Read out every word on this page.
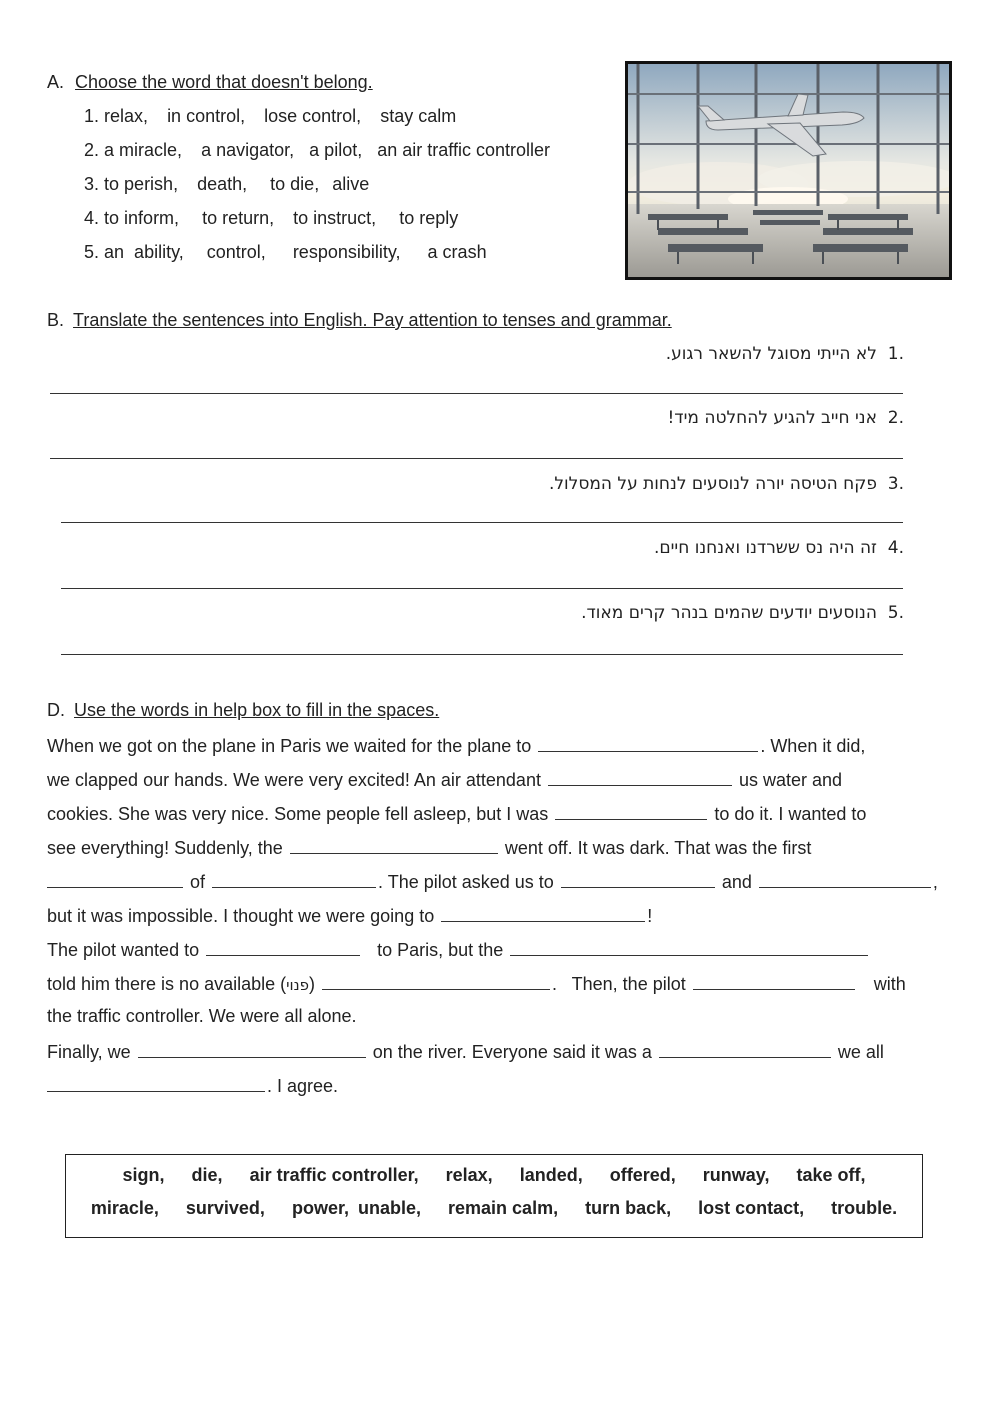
A. Choose the word that doesn't belong.
1. relax, in control, lose control, stay calm
2. a miracle, a navigator, a pilot, an air traffic controller
3. to perish, death, to die, alive
4. to inform, to return, to instruct, to reply
5. an  ability, control, responsibility, a crash
B. Translate the sentences into English. Pay attention to tenses and grammar.
.1  לא הייתי מסוגל להשאר רגוע.
.2  אני חייב להגיע להחלטה מיד!
.3  פקח הטיסה יורה לנוסעים לנחות על המסלול.
.4  זה היה נס ששרדנו ואנחנו חיים.
.5  הנוסעים יודעים שהמים בנהר קרים מאוד.
D. Use the words in help box to fill in the spaces.
When we got on the plane in Paris we waited for the plane to	. When it did,
we clapped our hands. We were very excited! An air attendant	us water and
cookies. She was very nice. Some people fell asleep, but I was	to do it. I wanted to
see everything! Suddenly, the	went off. It was dark. That was the first
of	. The pilot asked us to	and	,
but it was impossible. I thought we were going to	!
The pilot wanted to	to Paris, but the
told him there is no available (פנוי)	.   Then, the pilot	with
the traffic controller. We were all alone.
Finally, we	on the river. Everyone said it was a	we all
. I agree.
sign, die, air traffic controller, relax, landed, offered, runway, take off,
miracle, survived, power, unable, remain calm, turn back, lost contact, trouble.
